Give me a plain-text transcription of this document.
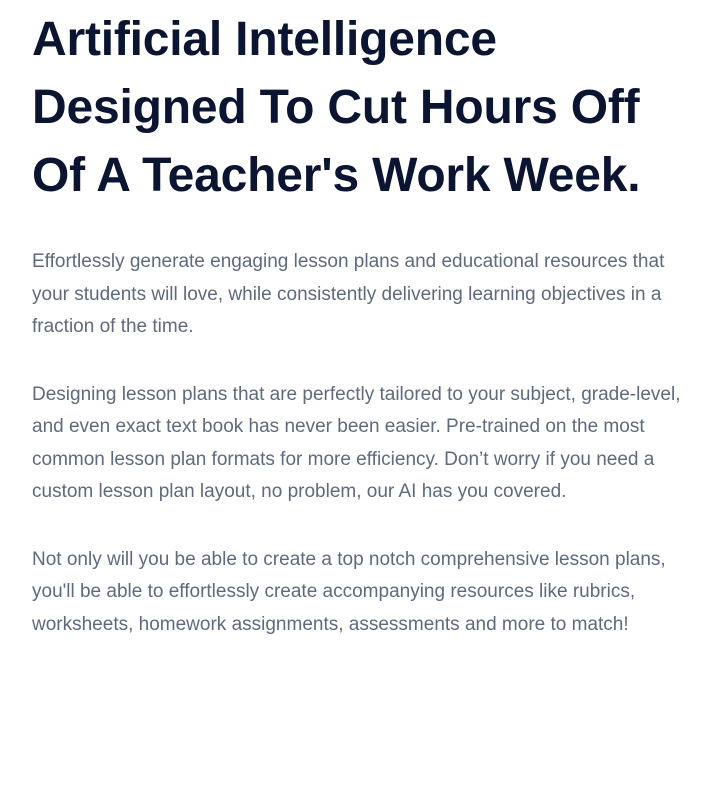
Artificial Intelligence Designed To Cut Hours Off Of A Teacher's Work Week.

Effortlessly generate engaging lesson plans and educational resources that your students will love, while consistently delivering learning objectives in a fraction of the time.

Designing lesson plans that are perfectly tailored to your subject, grade-level, and even exact text book has never been easier. Pre-trained on the most common lesson plan formats for more efficiency. Don’t worry if you need a custom lesson plan layout, no problem, our AI has you covered.

Not only will you be able to create a top notch comprehensive lesson plans, you'll be able to effortlessly create accompanying resources like rubrics, worksheets, homework assignments, assessments and more to match!
